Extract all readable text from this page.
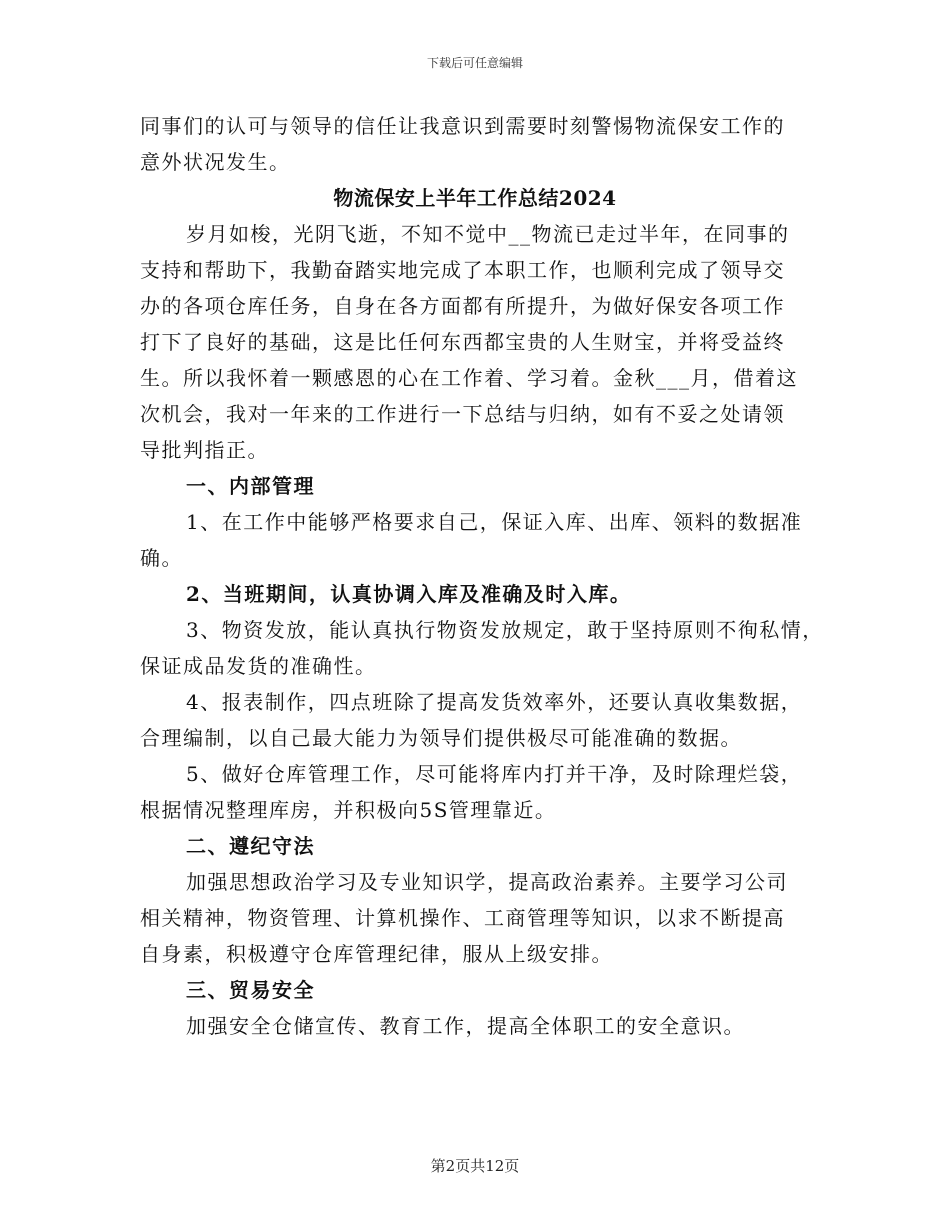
下载后可任意编辑
同事们的认可与领导的信任让我意识到需要时刻警惕物流保安工作的
意外状况发生。
物流保安上半年工作总结2024
岁月如梭，光阴飞逝，不知不觉中__物流已走过半年，在同事的
支持和帮助下，我勤奋踏实地完成了本职工作，也顺利完成了领导交
办的各项仓库任务，自身在各方面都有所提升，为做好保安各项工作
打下了良好的基础，这是比任何东西都宝贵的人生财宝，并将受益终
生。所以我怀着一颗感恩的心在工作着、学习着。金秋___月，借着这
次机会，我对一年来的工作进行一下总结与归纳，如有不妥之处请领
导批判指正。
一、内部管理
1、在工作中能够严格要求自己，保证入库、出库、领料的数据准
确。
2、当班期间，认真协调入库及准确及时入库。
3、物资发放，能认真执行物资发放规定，敢于坚持原则不徇私情，
保证成品发货的准确性。
4、报表制作，四点班除了提高发货效率外，还要认真收集数据，
合理编制，以自己最大能力为领导们提供极尽可能准确的数据。
5、做好仓库管理工作，尽可能将库内打并干净，及时除理烂袋，
根据情况整理库房，并积极向5S管理靠近。
二、遵纪守法
加强思想政治学习及专业知识学，提高政治素养。主要学习公司
相关精神，物资管理、计算机操作、工商管理等知识，以求不断提高
自身素，积极遵守仓库管理纪律，服从上级安排。
三、贸易安全
加强安全仓储宣传、教育工作，提高全体职工的安全意识。
第2页共12页
